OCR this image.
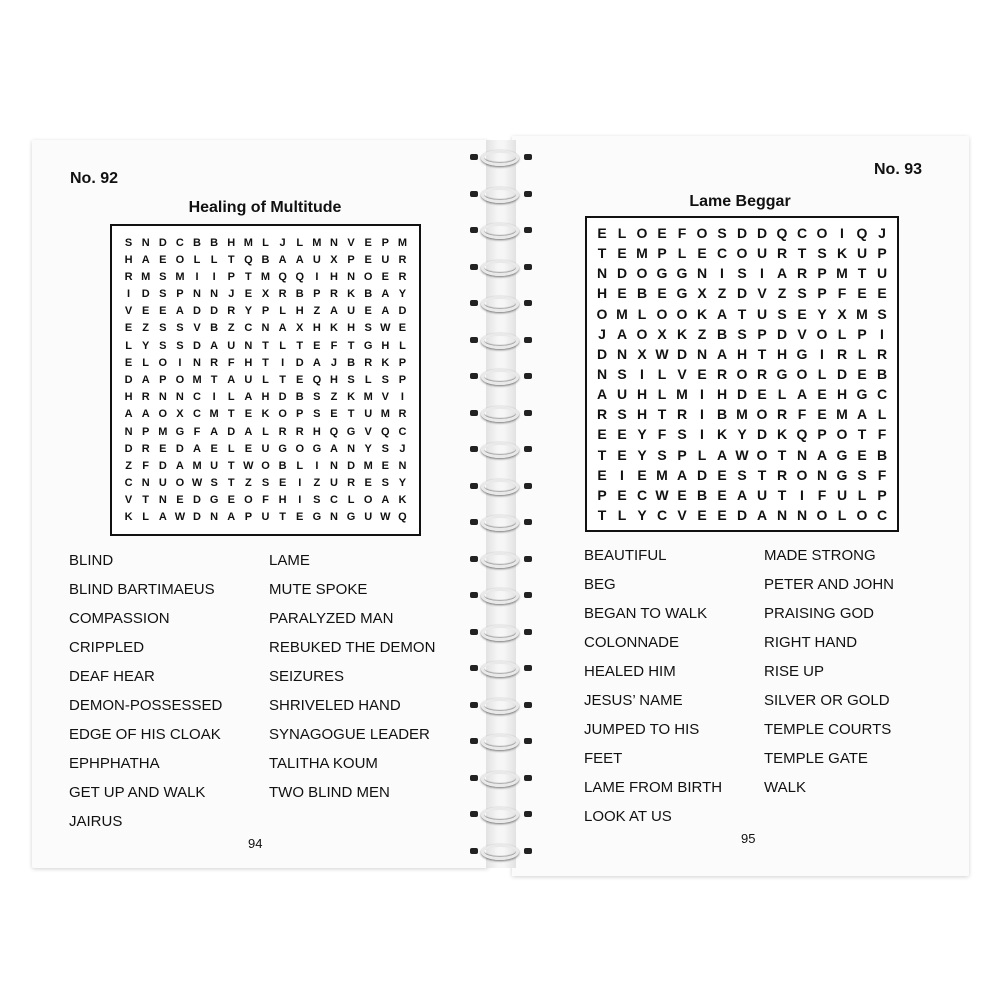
No. 92
Healing of Multitude
S N D C B B H M L J L M N V E P M
H A E O L L T Q B A A U X P E U R
R M S M	I	I	P T M Q Q	I	H N O E R
I	D S P N N J E X R B P R K B A Y
V E E A D D R Y P L H Z A U E A D
E Z S S V B Z C N A X H K H S W E
L Y S S D A U N T L T E F T G H L
E L O	I	N R F H T	I	D A J B R K P
D A P O M T A U L T E Q H S L S P
H R N N C	I	L A H D B S Z K M V	I
A A O X C M T E K O P S E T U M R
N P M G F A D A L R R H Q G V Q C
D R E D A E L E U G O G A N Y S J
Z F D A M U T W O B L	I	N D M E N
C N U O W S T Z S E	I	Z U R E S Y
V T N E D G E O F H	I	S C L O A K
K L A W D N A P U T E G N G U W Q
BLIND
BLIND BARTIMAEUS
COMPASSION
CRIPPLED
DEAF HEAR
DEMON-POSSESSED
EDGE OF HIS CLOAK
EPHPHATHA
GET UP AND WALK
JAIRUS
LAME
MUTE SPOKE
PARALYZED MAN
REBUKED THE DEMON
SEIZURES
SHRIVELED HAND
SYNAGOGUE LEADER
TALITHA KOUM
TWO BLIND MEN
94
No. 93
Lame Beggar
E L O E F O S D D Q C O I Q J
T E M P L E C O U R T S K U P
N D O G G N I S I A R P M T U
H E B E G X Z D V Z S P F E E
O M L O O K A T U S E Y X M S
J A O X K Z B S P D V O L P I
D N X W D N A H T H G I R L R
N S I L V E R O R G O L D E B
A U H L M I H D E L A E H G C
R S H T R I B M O R F E M A L
E E Y F S I K Y D K Q P O T F
T E Y S P L A W O T N A G E B
E I E M A D E S T R O N G S F
P E C W E B E A U T I F U L P
T L Y C V E E D A N N O L O C
BEAUTIFUL
BEG
BEGAN TO WALK
COLONNADE
HEALED HIM
JESUS’ NAME
JUMPED TO HIS
FEET
LAME FROM BIRTH
LOOK AT US
MADE STRONG
PETER AND JOHN
PRAISING GOD
RIGHT HAND
RISE UP
SILVER OR GOLD
TEMPLE COURTS
TEMPLE GATE
WALK
95
